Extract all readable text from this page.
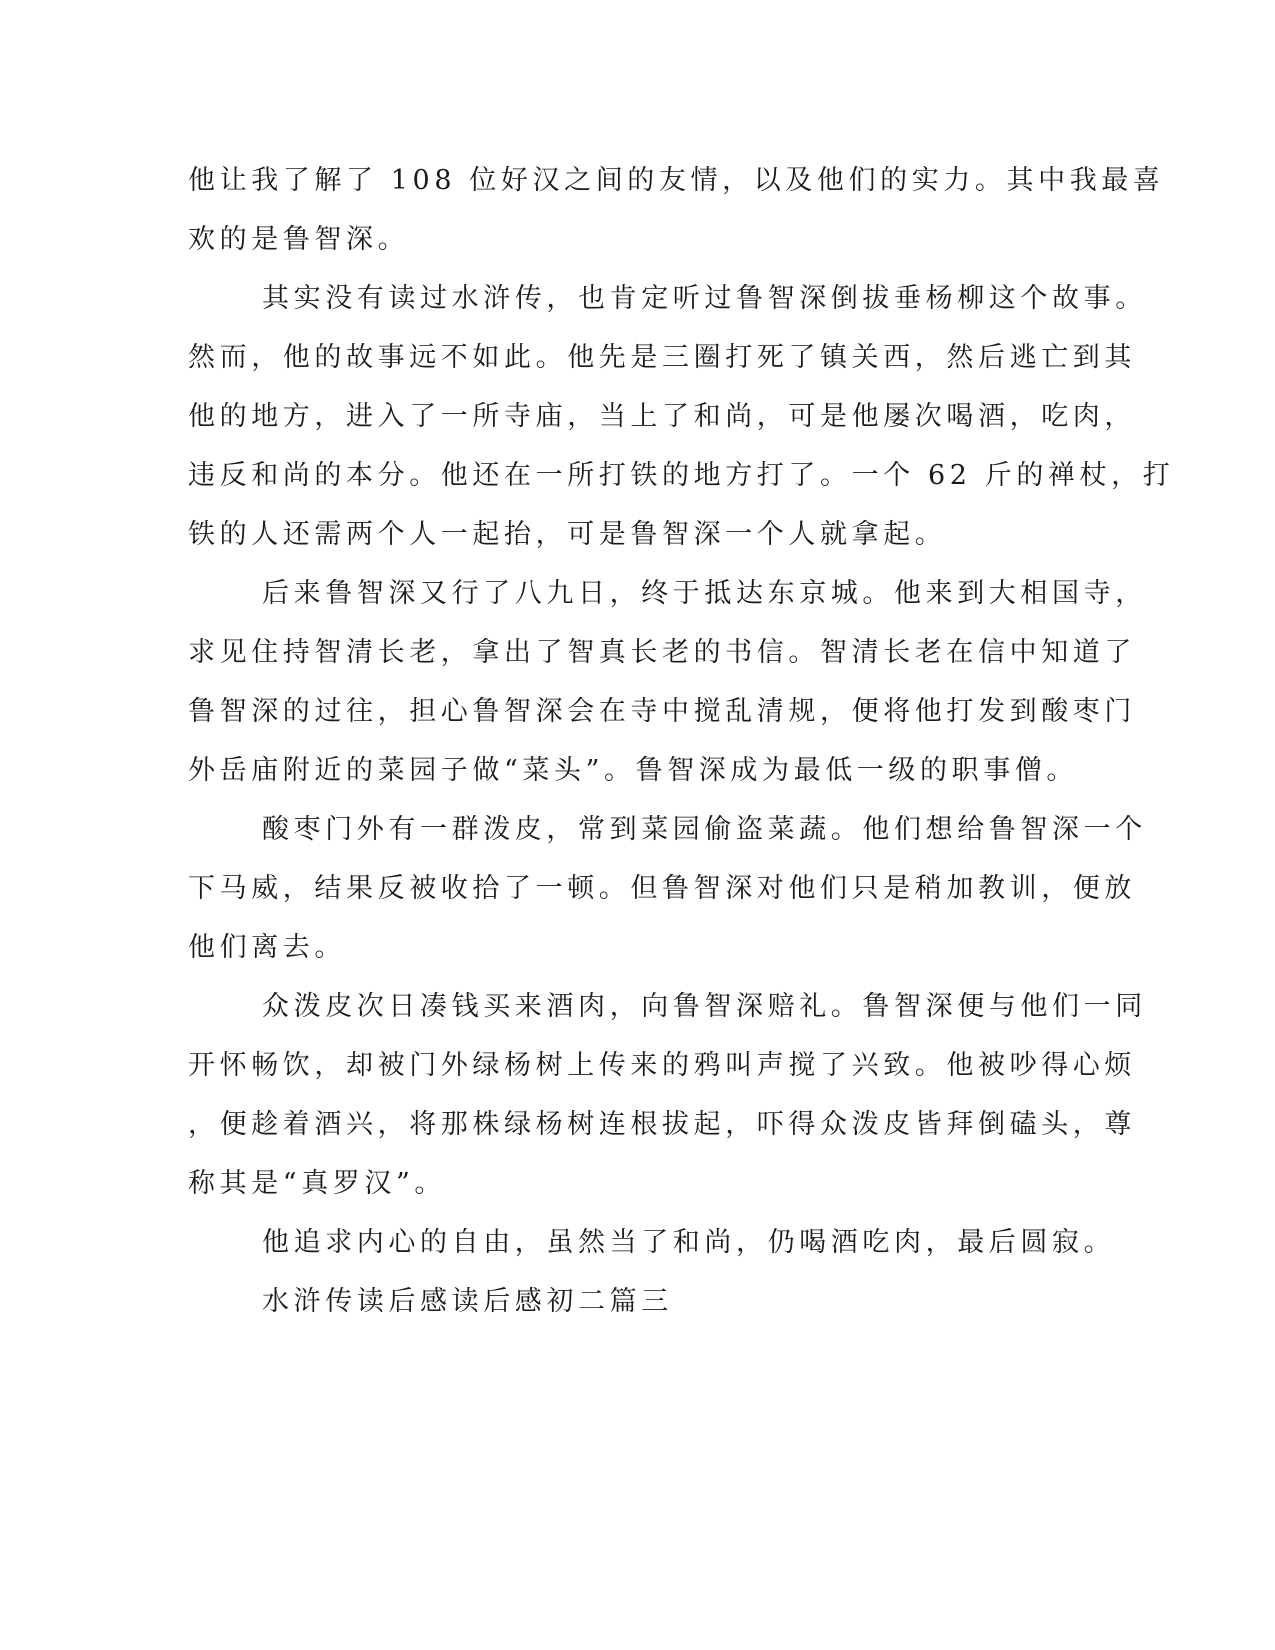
他让我了解了 108 位好汉之间的友情，以及他们的实力。其中我最喜
欢的是鲁智深。
其实没有读过水浒传，也肯定听过鲁智深倒拔垂杨柳这个故事。
然而，他的故事远不如此。他先是三圈打死了镇关西，然后逃亡到其
他的地方，进入了一所寺庙，当上了和尚，可是他屡次喝酒，吃肉，
违反和尚的本分。他还在一所打铁的地方打了。一个 62 斤的禅杖，打
铁的人还需两个人一起抬，可是鲁智深一个人就拿起。
后来鲁智深又行了八九日，终于抵达东京城。他来到大相国寺，
求见住持智清长老，拿出了智真长老的书信。智清长老在信中知道了
鲁智深的过往，担心鲁智深会在寺中搅乱清规，便将他打发到酸枣门
外岳庙附近的菜园子做“菜头”。鲁智深成为最低一级的职事僧。
酸枣门外有一群泼皮，常到菜园偷盗菜蔬。他们想给鲁智深一个
下马威，结果反被收拾了一顿。但鲁智深对他们只是稍加教训，便放
他们离去。
众泼皮次日凑钱买来酒肉，向鲁智深赔礼。鲁智深便与他们一同
开怀畅饮，却被门外绿杨树上传来的鸦叫声搅了兴致。他被吵得心烦
，便趁着酒兴，将那株绿杨树连根拔起，吓得众泼皮皆拜倒磕头，尊
称其是“真罗汉”。
他追求内心的自由，虽然当了和尚，仍喝酒吃肉，最后圆寂。
水浒传读后感读后感初二篇三
